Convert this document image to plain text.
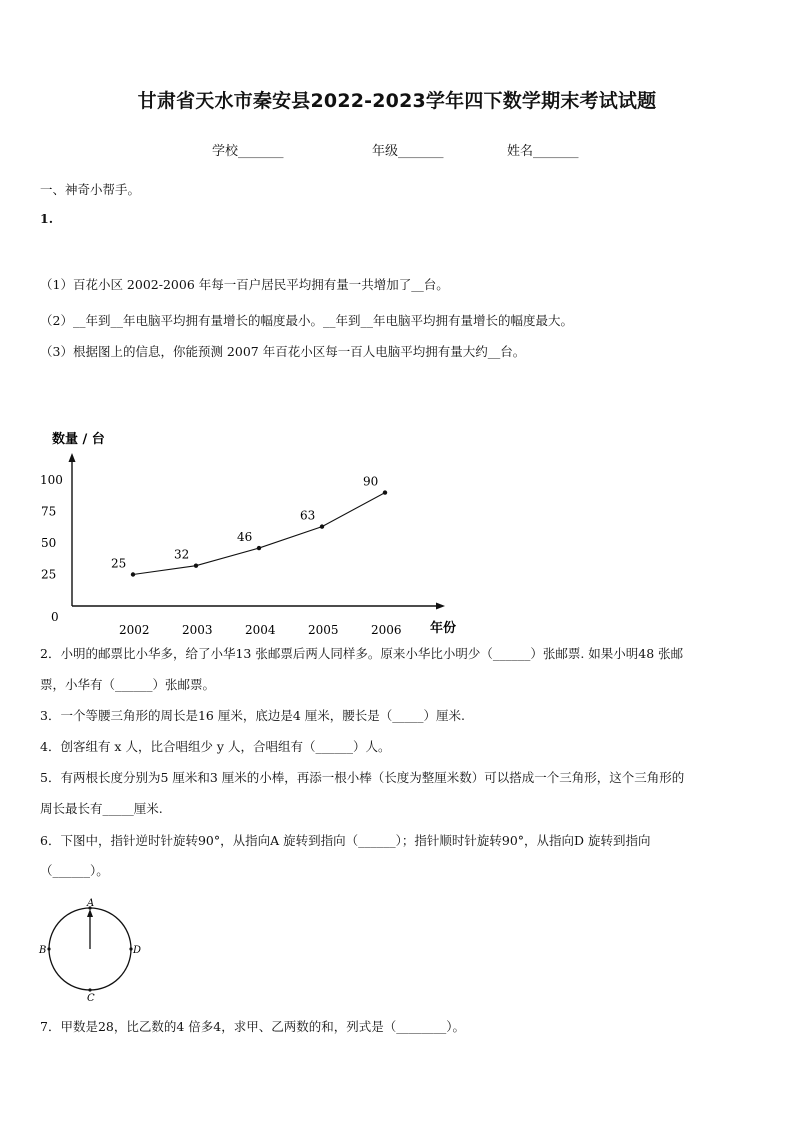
甘肃省天水市秦安县2022-2023学年四下数学期末考试试题
学校_______	年级_______	姓名_______
一、神奇小帮手。
1.
（1）百花小区 2002-2006 年每一百户居民平均拥有量一共增加了__台。
（2）__年到__年电脑平均拥有量增长的幅度最小。__年到__年电脑平均拥有量增长的幅度最大。
（3）根据图上的信息，你能预测 2007 年百花小区每一百人电脑平均拥有量大约__台。
数量 / 台
年份
0
25
50
75
100
2002	2003	2004	2005	2006
25
32
46
63
90
2．小明的邮票比小华多，给了小华13 张邮票后两人同样多。原来小华比小明少（______）张邮票. 如果小明48 张邮
票，小华有（______）张邮票。
3．一个等腰三角形的周长是16 厘米，底边是4 厘米，腰长是（_____）厘米.
4．创客组有 x 人，比合唱组少 y 人，合唱组有（______）人。
5．有两根长度分别为5 厘米和3 厘米的小棒，再添一根小棒（长度为整厘米数）可以搭成一个三角形，这个三角形的
周长最长有_____厘米.
6．下图中，指针逆时针旋转90°，从指向A 旋转到指向（______）；指针顺时针旋转90°，从指向D 旋转到指向
（______）。
A
B
C
D
7．甲数是28，比乙数的4 倍多4，求甲、乙两数的和，列式是（________）。
